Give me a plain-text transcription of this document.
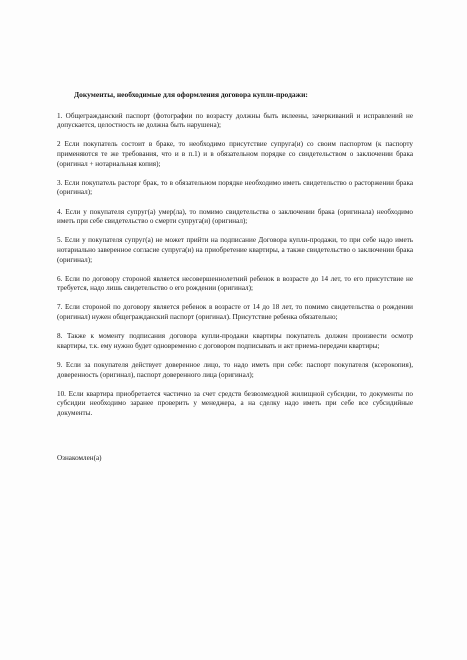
Документы, необходимые для оформления договора купли-продажи:

1. Общегражданский паспорт (фотографии по возрасту должны быть вклеены, зачеркиваний и исправлений не допускается, целостность не должна быть нарушена);

2 Если покупатель состоит в браке, то необходимо присутствие супруга(и) со своим паспортом (к паспорту применяются те же требования, что и в п.1) и в обязательном порядке со свидетельством о заключении брака (оригинал + нотариальная копия);

3. Если покупатель расторг брак, то в обязательном порядке необходимо иметь свидетельство о расторжении брака (оригинал);

4. Если у покупателя супруг(а) умер(ла), то помимо свидетельства о заключении брака (оригинала) необходимо иметь при себе свидетельство о смерти супруга(и) (оригинал);

5. Если у покупателя супруг(а) не может прийти на подписание Договора купли-продажи, то при себе надо иметь нотариально заверенное согласие супруга(и) на приобретение квартиры, а также свидетельство о заключении брака (оригинал);

6. Если по договору стороной является несовершеннолетний ребенок в возрасте до 14 лет, то его присутствие не требуется, надо лишь свидетельство о его рождении (оригинал);

7. Если стороной по договору является ребенок в возрасте от 14 до 18 лет, то помимо свидетельства о рождении (оригинал) нужен общегражданский паспорт (оригинал). Присутствие ребенка обязательно;

8. Также к моменту подписания договора купли-продажи квартиры покупатель должен произвести осмотр квартиры, т.к. ему нужно будет одновременно с договором подписывать и акт приема-передачи квартиры;

9. Если за покупателя действует доверенное лицо, то надо иметь при себе: паспорт покупателя (ксерокопия), доверенность (оригинал), паспорт доверенного лица (оригинал);

10. Если квартира приобретается частично за счет средств безвозмездной жилищной субсидии, то документы по субсидии необходимо заранее проверить у менеджера, а на сделку надо иметь при себе все субсидийные документы.

Ознакомлен(а)
